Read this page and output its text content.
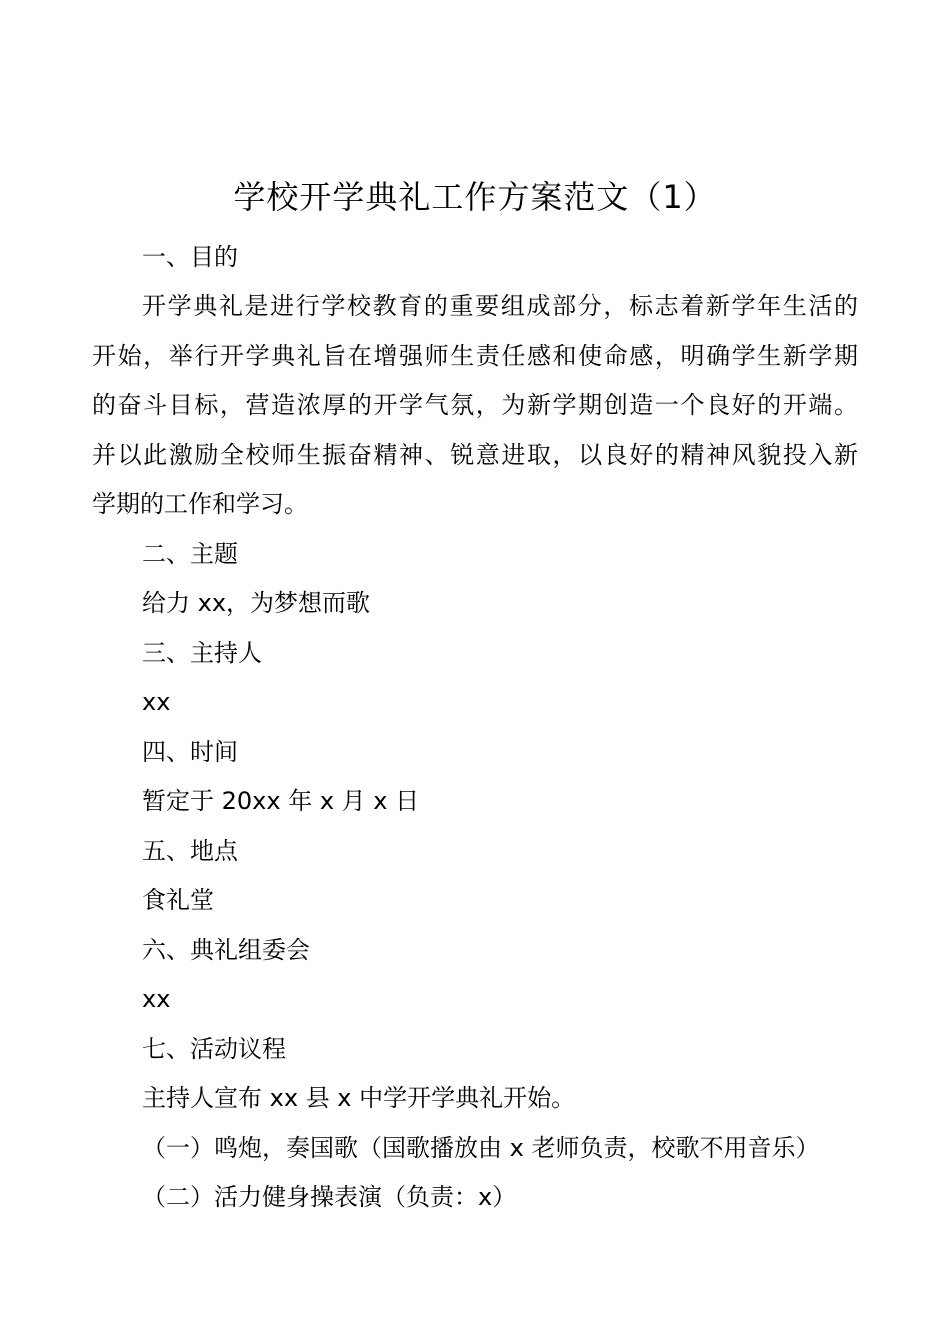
学校开学典礼工作方案范文（1）
一、目的
开学典礼是进行学校教育的重要组成部分，标志着新学年生活的
开始，举行开学典礼旨在增强师生责任感和使命感，明确学生新学期
的奋斗目标，营造浓厚的开学气氛，为新学期创造一个良好的开端。
并以此激励全校师生振奋精神、锐意进取，以良好的精神风貌投入新
学期的工作和学习。
二、主题
给力 xx，为梦想而歌
三、主持人
xx
四、时间
暂定于 20xx 年 x 月 x 日
五、地点
食礼堂
六、典礼组委会
xx
七、活动议程
主持人宣布 xx 县 x 中学开学典礼开始。
（一）鸣炮，奏国歌（国歌播放由 x 老师负责，校歌不用音乐）
（二）活力健身操表演（负责：x）
